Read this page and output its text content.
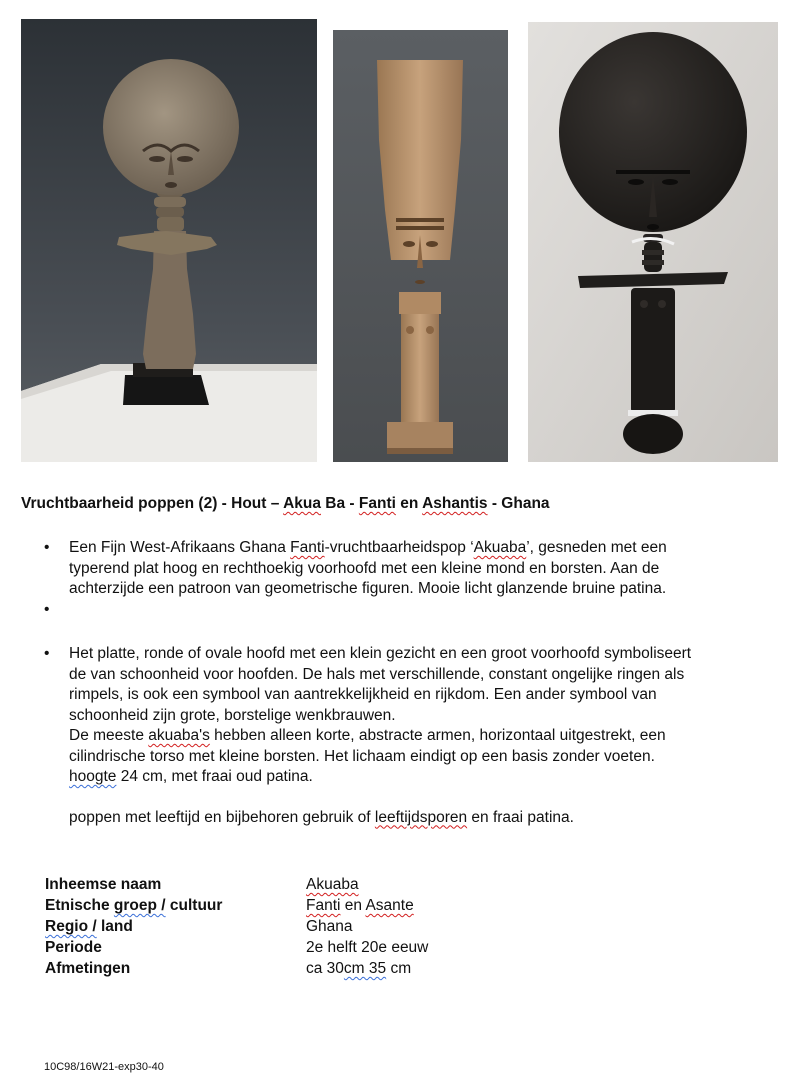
Vruchtbaarheid poppen (2) - Hout – Akua Ba - Fanti en Ashantis - Ghana
• Een Fijn West-Afrikaans Ghana Fanti-vruchtbaarheidspop ‘Akuaba’, gesneden met een
typerend plat hoog en rechthoekig voorhoofd met een kleine mond en borsten. Aan de
achterzijde een patroon van geometrische figuren. Mooie licht glanzende bruine patina.
•
• Het platte, ronde of ovale hoofd met een klein gezicht en een groot voorhoofd symboliseert
de van schoonheid voor hoofden. De hals met verschillende, constant ongelijke ringen als
rimpels, is ook een symbool van aantrekkelijkheid en rijkdom. Een ander symbool van
schoonheid zijn grote, borstelige wenkbrauwen.
De meeste akuaba's hebben alleen korte, abstracte armen, horizontaal uitgestrekt, een
cilindrische torso met kleine borsten. Het lichaam eindigt op een basis zonder voeten.
hoogte 24 cm, met fraai oud patina.
poppen met leeftijd en bijbehoren gebruik of leeftijdsporen en fraai patina.
Inheemse naam	Akuaba
Etnische groep / cultuur	Fanti en Asante
Regio / land	Ghana
Periode	2e helft 20e eeuw
Afmetingen	ca 30cm 35 cm
10C98/16W21-exp30-40
